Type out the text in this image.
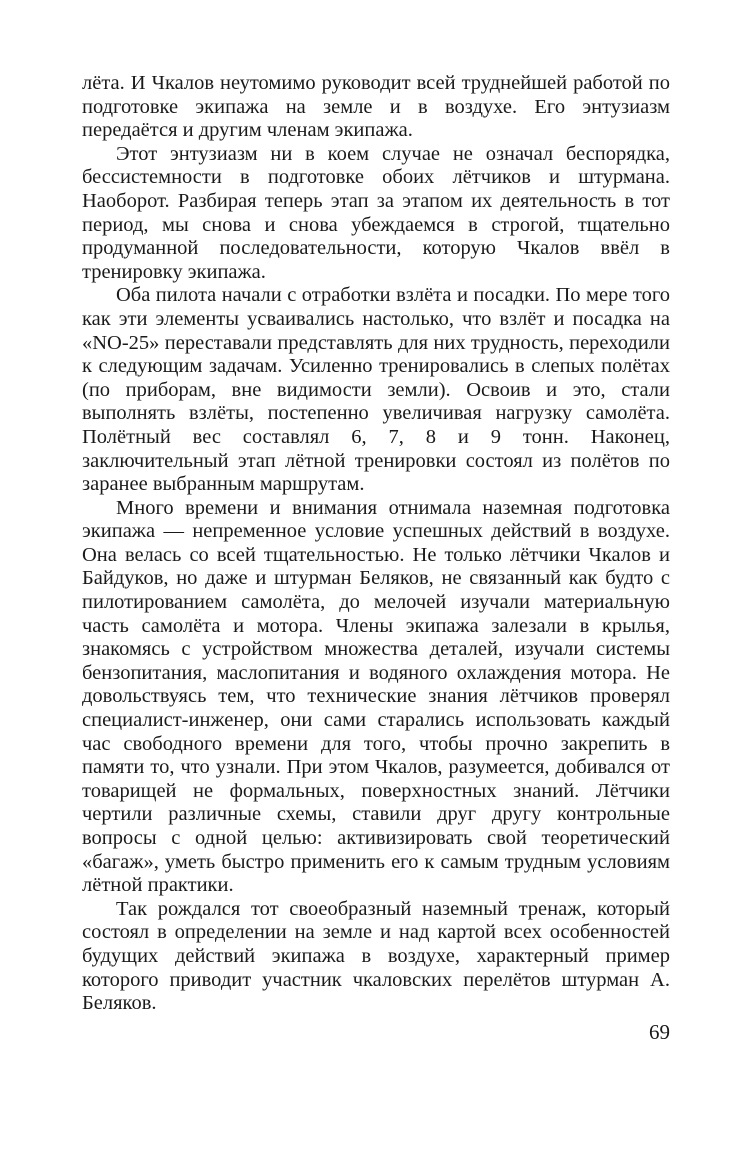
лёта. И Чкалов неутомимо руководит всей труднейшей работой по подготовке экипажа на земле и в воздухе. Его энтузиазм передаётся и другим членам экипажа.

Этот энтузиазм ни в коем случае не означал беспорядка, бессистемности в подготовке обоих лётчиков и штурмана. Наоборот. Разбирая теперь этап за этапом их деятельность в тот период, мы снова и снова убеждаемся в строгой, тщательно продуманной последовательности, которую Чкалов ввёл в тренировку экипажа.

Оба пилота начали с отработки взлёта и посадки. По мере того как эти элементы усваивались настолько, что взлёт и посадка на «NO-25» переставали представлять для них трудность, переходили к следующим задачам. Усиленно тренировались в слепых полётах (по приборам, вне видимости земли). Освоив и это, стали выполнять взлёты, постепенно увеличивая нагрузку самолёта. Полётный вес составлял 6, 7, 8 и 9 тонн. Наконец, заключительный этап лётной тренировки состоял из полётов по заранее выбранным маршрутам.

Много времени и внимания отнимала наземная подготовка экипажа — непременное условие успешных действий в воздухе. Она велась со всей тщательностью. Не только лётчики Чкалов и Байдуков, но даже и штурман Беляков, не связанный как будто с пилотированием самолёта, до мелочей изучали материальную часть самолёта и мотора. Члены экипажа залезали в крылья, знакомясь с устройством множества деталей, изучали системы бензопитания, маслопитания и водяного охлаждения мотора. Не довольствуясь тем, что технические знания лётчиков проверял специалист-инженер, они сами старались использовать каждый час свободного времени для того, чтобы прочно закрепить в памяти то, что узнали. При этом Чкалов, разумеется, добивался от товарищей не формальных, поверхностных знаний. Лётчики чертили различные схемы, ставили друг другу контрольные вопросы с одной целью: активизировать свой теоретический «багаж», уметь быстро применить его к самым трудным условиям лётной практики.

Так рождался тот своеобразный наземный тренаж, который состоял в определении на земле и над картой всех особенностей будущих действий экипажа в воздухе, характерный пример которого приводит участник чкаловских перелётов штурман А. Беляков.

69
